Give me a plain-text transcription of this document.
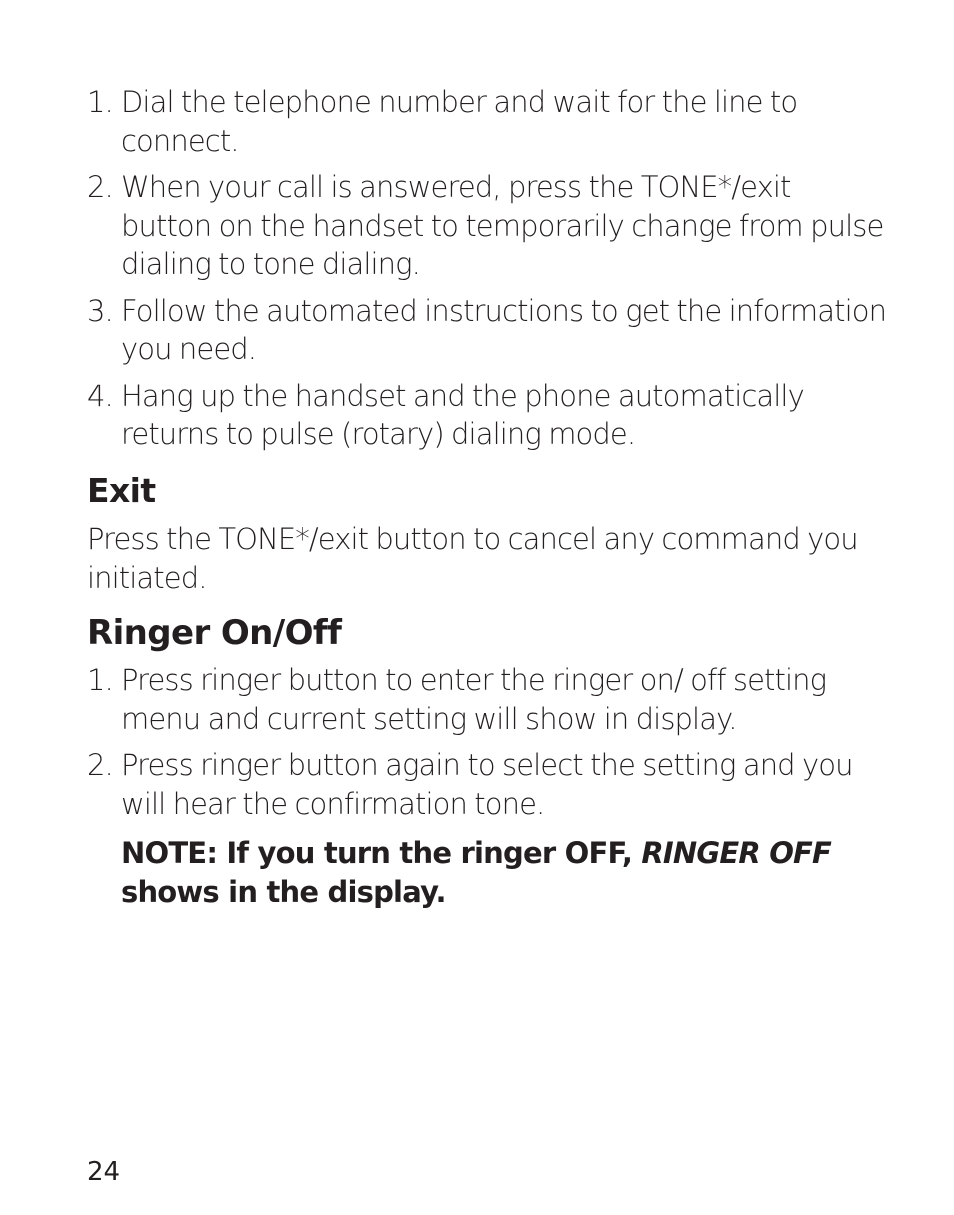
1. Dial the telephone number and wait for the line to connect.
2. When your call is answered, press the TONE*/exit button on the handset to temporarily change from pulse dialing to tone dialing.
3. Follow the automated instructions to get the information you need.
4. Hang up the handset and the phone automatically returns to pulse (rotary) dialing mode.
Exit

Press the TONE*/exit button to cancel any command you initiated.

Ringer On/Off
1. Press ringer button to enter the ringer on/ off setting menu and current setting will show in display.
2. Press ringer button again to select the setting and you will hear the confirmation tone.

NOTE: If you turn the ringer OFF, RINGER OFF shows in the display.

24
